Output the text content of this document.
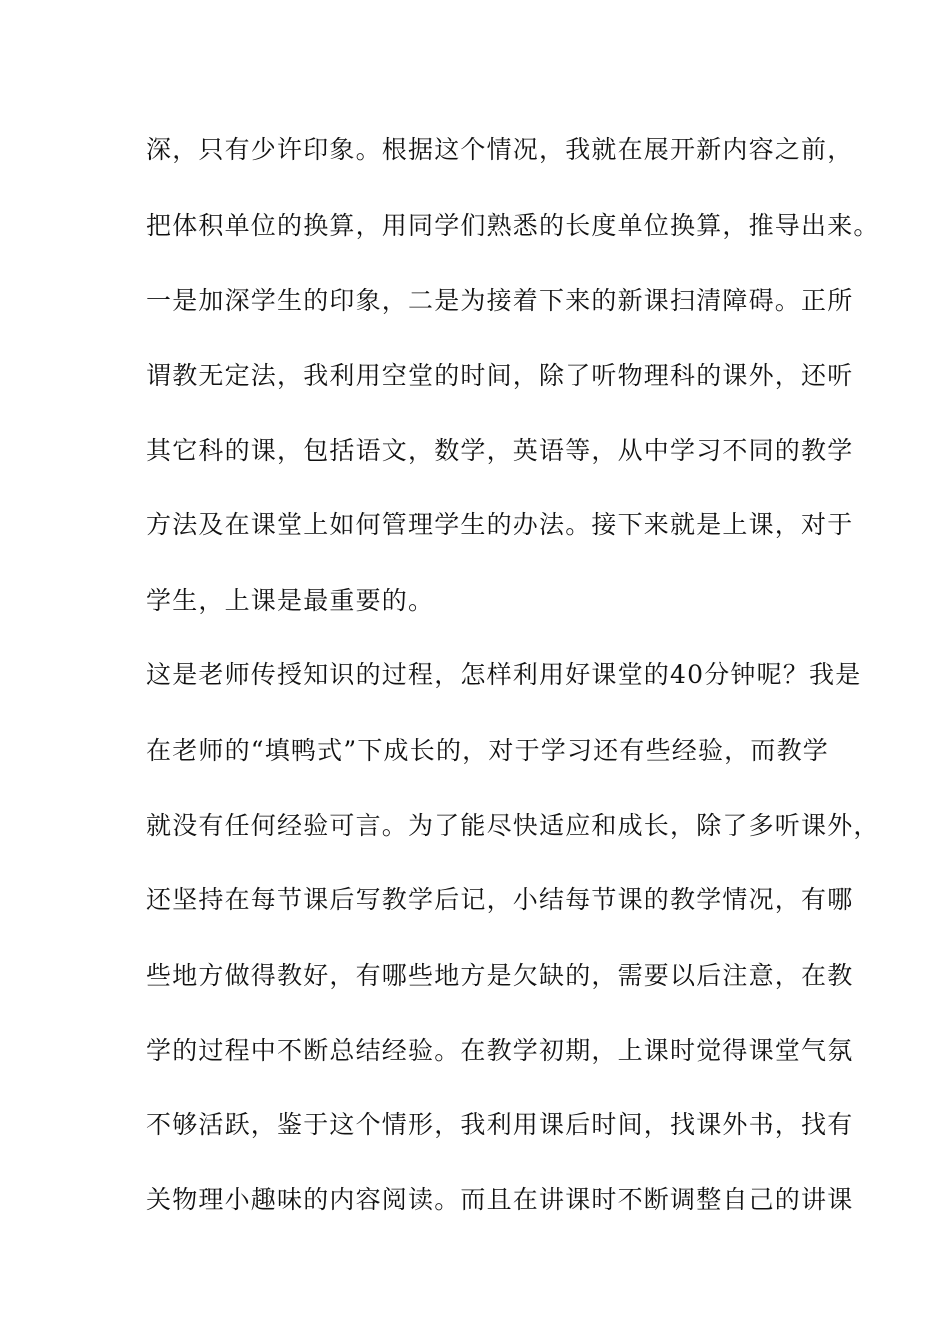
深，只有少许印象。根据这个情况，我就在展开新内容之前，
把体积单位的换算，用同学们熟悉的长度单位换算，推导出来。
一是加深学生的印象，二是为接着下来的新课扫清障碍。正所
谓教无定法，我利用空堂的时间，除了听物理科的课外，还听
其它科的课，包括语文，数学，英语等，从中学习不同的教学
方法及在课堂上如何管理学生的办法。接下来就是上课，对于
学生，上课是最重要的。
这是老师传授知识的过程，怎样利用好课堂的40分钟呢？我是
在老师的“填鸭式”下成长的，对于学习还有些经验，而教学
就没有任何经验可言。为了能尽快适应和成长，除了多听课外，
还坚持在每节课后写教学后记，小结每节课的教学情况，有哪
些地方做得教好，有哪些地方是欠缺的，需要以后注意，在教
学的过程中不断总结经验。在教学初期，上课时觉得课堂气氛
不够活跃，鉴于这个情形，我利用课后时间，找课外书，找有
关物理小趣味的内容阅读。而且在讲课时不断调整自己的讲课
